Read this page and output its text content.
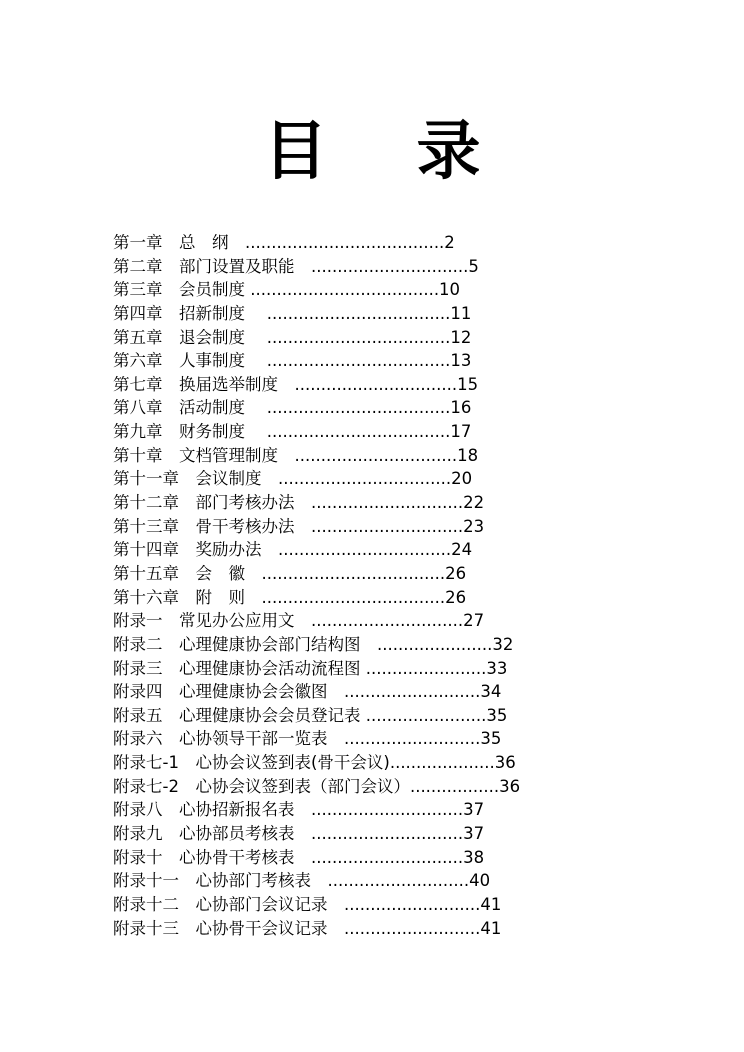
目    录
第一章　总　纲　......................................2
第二章　部门设置及职能　..............................5
第三章　会员制度 ....................................10
第四章　招新制度　 ...................................11
第五章　退会制度　 ...................................12
第六章　人事制度　 ...................................13
第七章　换届选举制度　...............................15
第八章　活动制度　 ...................................16
第九章　财务制度　 ...................................17
第十章　文档管理制度　...............................18
第十一章　会议制度　.................................20
第十二章　部门考核办法　.............................22
第十三章　骨干考核办法　.............................23
第十四章　奖励办法　.................................24
第十五章　会　徽　...................................26
第十六章　附　则　...................................26
附录一　常见办公应用文　.............................27
附录二　心理健康协会部门结构图　......................32
附录三　心理健康协会活动流程图 .......................33
附录四　心理健康协会会徽图　..........................34
附录五　心理健康协会会员登记表 .......................35
附录六　心协领导干部一览表　..........................35
附录七-1　心协会议签到表(骨干会议)....................36
附录七-2　心协会议签到表（部门会议）.................36
附录八　心协招新报名表　.............................37
附录九　心协部员考核表　.............................37
附录十　心协骨干考核表　.............................38
附录十一　心协部门考核表　...........................40
附录十二　心协部门会议记录　..........................41
附录十三　心协骨干会议记录　..........................41
